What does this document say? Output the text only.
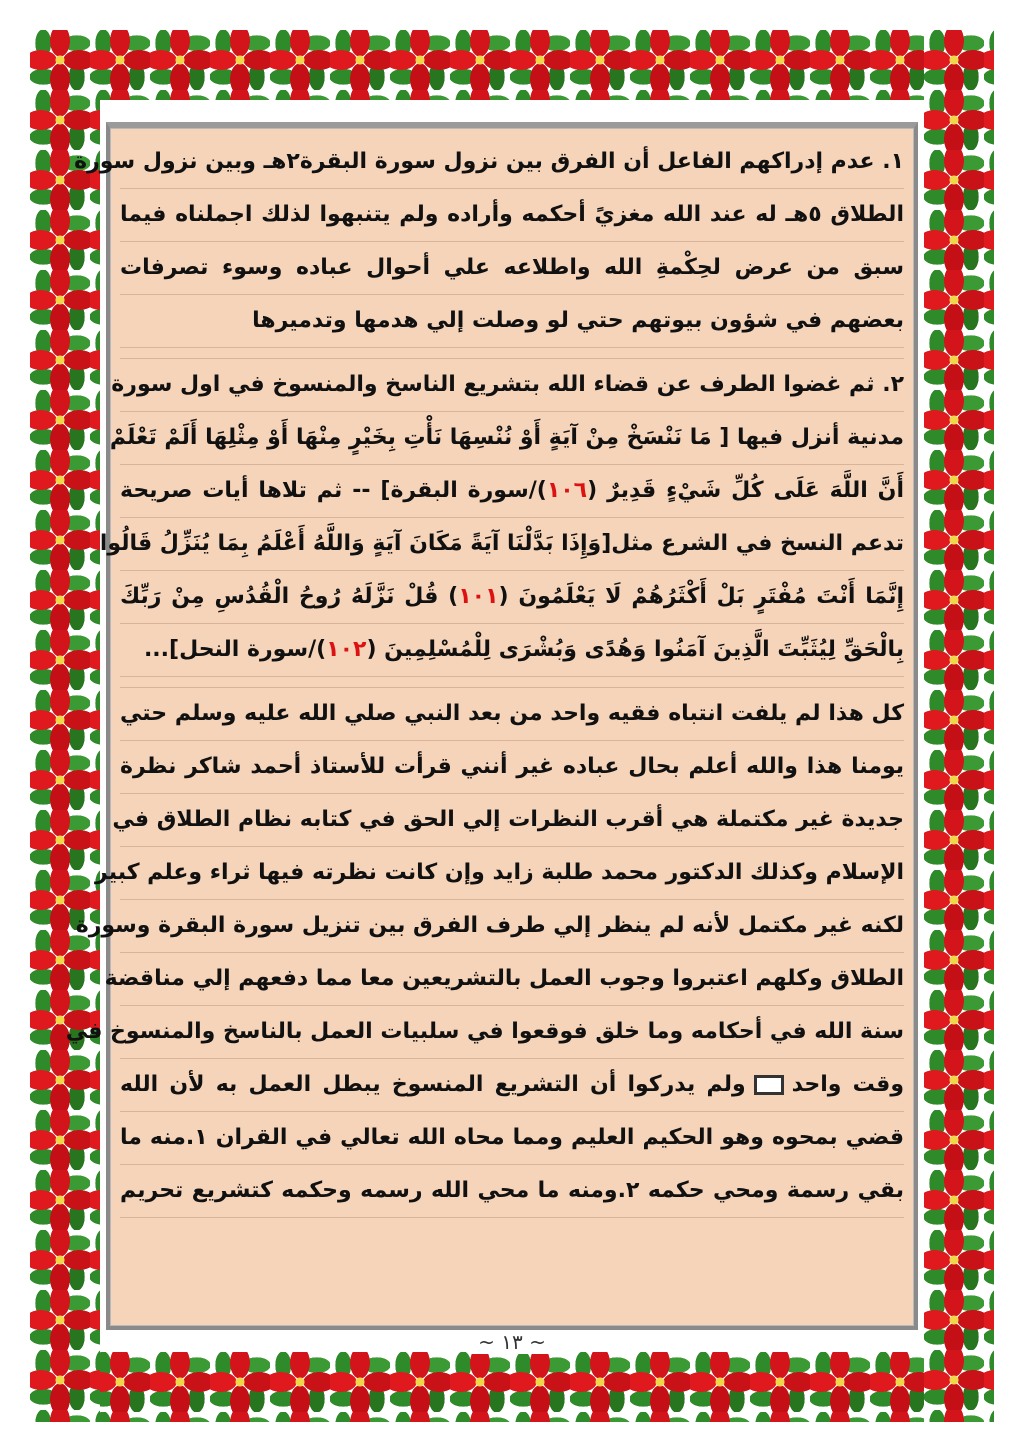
١. عدم إدراكهم الفاعل أن الفرق بين نزول سورة البقرة٢هـ وبين نزول سورة
الطلاق ٥هـ له عند الله مغزيً أحكمه وأراده ولم يتنبهوا لذلك اجملناه فيما
سبق من عرض لحِكْمةِ الله واطلاعه علي أحوال عباده وسوء تصرفات
بعضهم في شؤون بيوتهم حتي لو وصلت إلي هدمها وتدميرها
٢. ثم غضوا الطرف عن قضاء الله بتشريع الناسخ والمنسوخ في اول سورة
مدنية أنزل فيها [ مَا نَنْسَخْ مِنْ آيَةٍ أَوْ نُنْسِهَا نَأْتِ بِخَيْرٍ مِنْهَا أَوْ مِثْلِهَا أَلَمْ تَعْلَمْ
أَنَّ اللَّهَ عَلَى كُلِّ شَيْءٍ قَدِيرٌ (١٠٦)/سورة البقرة] -- ثم تلاها أيات صريحة
تدعم النسخ في الشرع مثل[وَإِذَا بَدَّلْنَا آيَةً مَكَانَ آيَةٍ وَاللَّهُ أَعْلَمُ بِمَا يُنَزِّلُ قَالُوا
إِنَّمَا أَنْتَ مُفْتَرٍ بَلْ أَكْثَرُهُمْ لَا يَعْلَمُونَ (١٠١) قُلْ نَزَّلَهُ رُوحُ الْقُدُسِ مِنْ رَبِّكَ
بِالْحَقِّ لِيُثَبِّتَ الَّذِينَ آمَنُوا وَهُدًى وَبُشْرَى لِلْمُسْلِمِينَ (١٠٢)/سورة النحل]...
كل هذا لم يلفت انتباه فقيه واحد من بعد النبي صلي الله عليه وسلم حتي
يومنا هذا والله أعلم بحال عباده غير أنني قرأت للأستاذ أحمد شاكر نظرة
جديدة غير مكتملة هي أقرب النظرات إلي الحق في كتابه نظام الطلاق في
الإسلام وكذلك الدكتور محمد طلبة زايد وإن كانت نظرته فيها ثراء وعلم كبير
لكنه غير مكتمل لأنه لم ينظر إلي طرف الفرق بين تنزيل سورة البقرة وسورة
الطلاق وكلهم اعتبروا وجوب العمل بالتشريعين معا مما دفعهم إلي مناقضة
سنة الله في أحكامه وما خلق فوقعوا في سلبيات العمل بالناسخ والمنسوخ في
وقت واحدولم يدركوا أن التشريع المنسوخ يبطل العمل به لأن الله
قضي بمحوه وهو الحكيم العليم ومما محاه الله تعالي في القران ١.منه ما
بقي رسمة ومحي حكمه ٢.ومنه ما محي الله رسمه وحكمه كتشريع تحريم
~ ١٣ ~
